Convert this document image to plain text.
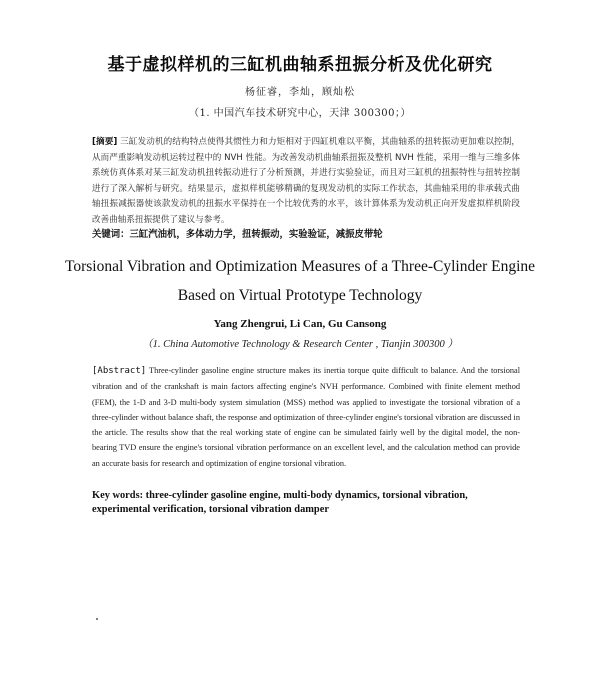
基于虚拟样机的三缸机曲轴系扭振分析及优化研究
杨征睿，李灿，顾灿松
（1. 中国汽车技术研究中心，天津 300300；）

[摘要] 三缸发动机的结构特点使得其惯性力和力矩相对于四缸机难以平衡，其曲轴系的扭转振动更加难以控制，从而严重影响发动机运转过程中的 NVH 性能。为改善发动机曲轴系扭振及整机 NVH 性能，采用一维与三维多体系统仿真体系对某三缸发动机扭转振动进行了分析预测，并进行实验验证，而且对三缸机的扭振特性与扭转控制进行了深入解析与研究。结果显示，虚拟样机能够精确的复现发动机的实际工作状态，其曲轴采用的非承载式曲轴扭振减振器使该款发动机的扭振水平保持在一个比较优秀的水平，该计算体系为发动机正向开发虚拟样机阶段改善曲轴系扭振提供了建议与参考。

关键词：三缸汽油机，多体动力学，扭转振动，实验验证，减振皮带轮

Torsional Vibration and Optimization Measures of a Three-Cylinder Engine
Based on Virtual Prototype Technology
Yang Zhengrui, Li Can, Gu Cansong
（1. China Automotive Technology & Research Center , Tianjin 300300 ）

[Abstract] Three-cylinder gasoline engine structure makes its inertia torque quite difficult to balance. And the torsional vibration and of the crankshaft is main factors affecting engine's NVH performance. Combined with finite element method (FEM), the 1-D and 3-D multi-body system simulation (MSS) method was applied to investigate the torsional vibration of a three-cylinder without balance shaft, the response and optimization of three-cylinder engine's torsional vibration are discussed in the article. The results show that the real working state of engine can be simulated fairly well by the digital model, the non-bearing TVD ensure the engine's torsional vibration performance on an excellent level, and the calculation method can provide an accurate basis for research and optimization of engine torsional vibration.

Key words: three-cylinder gasoline engine, multi-body dynamics, torsional vibration, experimental verification, torsional vibration damper
